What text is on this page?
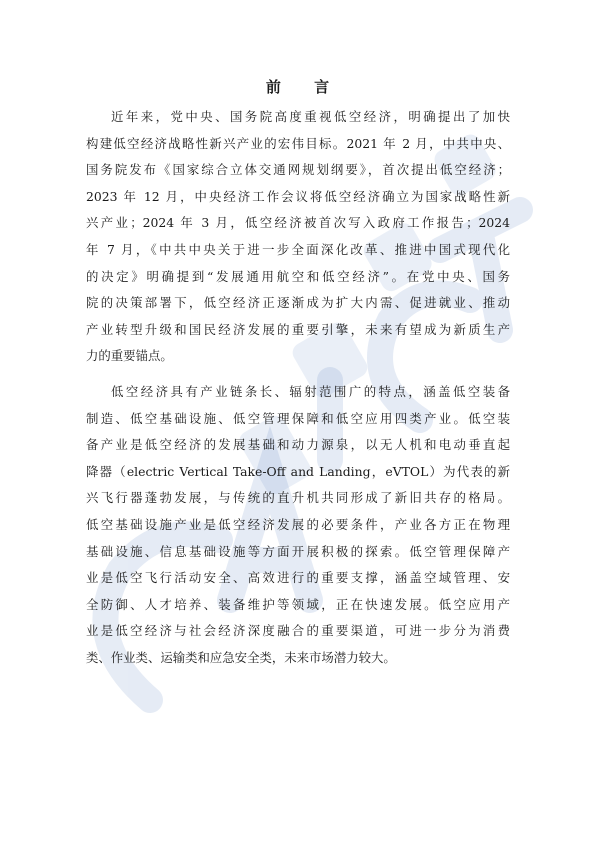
前 言
近年来，党中央、国务院高度重视低空经济，明确提出了加快
构建低空经济战略性新兴产业的宏伟目标。2021 年 2 月，中共中央、
国务院发布《国家综合立体交通网规划纲要》，首次提出低空经济；
2023 年 12 月，中央经济工作会议将低空经济确立为国家战略性新
兴产业；2024 年 3 月，低空经济被首次写入政府工作报告；2024
年 7 月，《中共中央关于进一步全面深化改革、推进中国式现代化
的决定》明确提到“发展通用航空和低空经济”。在党中央、国务
院的决策部署下，低空经济正逐渐成为扩大内需、促进就业、推动
产业转型升级和国民经济发展的重要引擎，未来有望成为新质生产
力的重要锚点。
低空经济具有产业链条长、辐射范围广的特点，涵盖低空装备
制造、低空基础设施、低空管理保障和低空应用四类产业。低空装
备产业是低空经济的发展基础和动力源泉，以无人机和电动垂直起
降器（electric Vertical Take-Off and Landing，eVTOL）为代表的新
兴飞行器蓬勃发展，与传统的直升机共同形成了新旧共存的格局。
低空基础设施产业是低空经济发展的必要条件，产业各方正在物理
基础设施、信息基础设施等方面开展积极的探索。低空管理保障产
业是低空飞行活动安全、高效进行的重要支撑，涵盖空域管理、安
全防御、人才培养、装备维护等领域，正在快速发展。低空应用产
业是低空经济与社会经济深度融合的重要渠道，可进一步分为消费
类、作业类、运输类和应急安全类，未来市场潜力较大。
